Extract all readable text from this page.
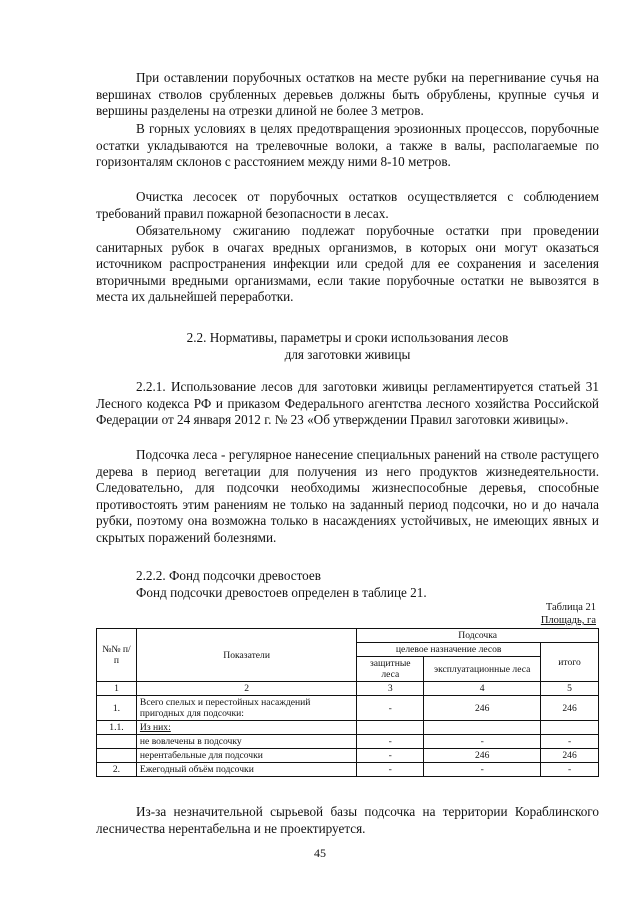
При оставлении порубочных остатков на месте рубки на перегнивание сучья на вершинах стволов срубленных деревьев должны быть обрублены, крупные сучья и вершины разделены на отрезки длиной не более 3 метров.

В горных условиях в целях предотвращения эрозионных процессов, порубочные остатки укладываются на трелевочные волоки, а также в валы, располагаемые по горизонталям склонов с расстоянием между ними 8-10 метров.

Очистка лесосек от порубочных остатков осуществляется с соблюдением требований правил пожарной безопасности в лесах.

Обязательному сжиганию подлежат порубочные остатки при проведении санитарных рубок в очагах вредных организмов, в которых они могут оказаться источником распространения инфекции или средой для ее сохранения и заселения вторичными вредными организмами, если такие порубочные остатки не вывозятся в места их дальнейшей переработки.

2.2. Нормативы, параметры и сроки использования лесов
для заготовки живицы

2.2.1. Использование лесов для заготовки живицы регламентируется статьей 31 Лесного кодекса РФ и приказом Федерального агентства лесного хозяйства Российской Федерации от 24 января 2012 г. № 23 «Об утверждении Правил заготовки живицы».

Подсочка леса - регулярное нанесение специальных ранений на стволе растущего дерева в период вегетации для получения из него продуктов жизнедеятельности. Следовательно, для подсочки необходимы жизнеспособные деревья, способные противостоять этим ранениям не только на заданный период подсочки, но и до начала рубки, поэтому она возможна только в насаждениях устойчивых, не имеющих явных и скрытых поражений болезнями.

2.2.2. Фонд подсочки древостоев

Фонд подсочки древостоев определен в таблице 21.

Таблица 21
Площадь, га
№№ п/п	Показатели	Подсочка		
		целевое назначение лесов		итого
		защитные леса	эксплуатационные леса	
1	2	3	4	5
1.	Всего спелых и перестойных насаждений пригодных для подсочки:	-	246	246
1.1.	Из них:			
	не вовлечены в подсочку	-	-	-
	нерентабельные для подсочки	-	246	246
2.	Ежегодный объём подсочки	-	-	-

Из-за незначительной сырьевой базы подсочка на территории Кораблинского лесничества нерентабельна и не проектируется.

45
